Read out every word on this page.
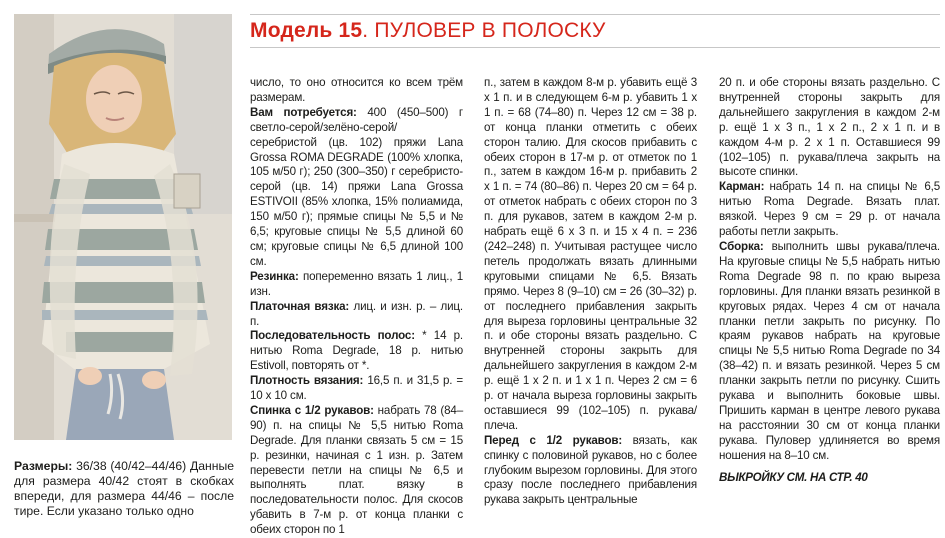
Размеры: 36/38 (40/42–44/46) Данные для размера 40/42 стоят в скобках впереди, для размера 44/46 – после тире. Если указано только одно
Модель 15 . ПУЛОВЕР В ПОЛОСКУ

число, то оно относится ко всем трём размерам.

Вам потребуется: 400 (450–500) г светло-серой/зелёно-серой/серебристой (цв. 102) пряжи Lana Grossa ROMA DEGRADE (100% хлопка, 105 м/50 г); 250 (300–350) г серебристо-серой (цв. 14) пряжи Lana Grossa ESTIVOII (85% хлопка, 15% полиамида, 150 м/50 г); прямые спицы № 5,5 и № 6,5; круговые спицы № 5,5 длиной 60 см; круговые спицы № 6,5 длиной 100 см.

Резинка: попеременно вязать 1 лиц., 1 изн.

Платочная вязка: лиц. и изн. р. – лиц. п.

Последовательность полос: * 14 р. нитью Roma Degrade, 18 р. нитью Estivoll, повторять от *.

Плотность вязания: 16,5 п. и 31,5 р. = 10 х 10 см.

Спинка с 1/2 рукавов: набрать 78 (84–90) п. на спицы № 5,5 нитью Roma Degrade. Для планки связать 5 см = 15 р. резинки, начиная с 1 изн. р. Затем перевести петли на спицы № 6,5 и выполнять плат. вязку в последовательности полос. Для скосов убавить в 7-м р. от конца планки с обеих сторон по 1

п., затем в каждом 8-м р. убавить ещё 3 х 1 п. и в следующем 6-м р. убавить 1 х 1 п. = 68 (74–80) п. Через 12 см = 38 р. от конца планки отметить с обеих сторон талию. Для скосов прибавить с обеих сторон в 17-м р. от отметок по 1 п., затем в каждом 16-м р. прибавить 2 х 1 п. = 74 (80–86) п. Через 20 см = 64 р. от отметок набрать с обеих сторон по 3 п. для рукавов, затем в каждом 2-м р. набрать ещё 6 х 3 п. и 15 х 4 п. = 236 (242–248) п. Учитывая растущее число петель продолжать вязать длинными круговыми спицами № 6,5. Вязать прямо. Через 8 (9–10) см = 26 (30–32) р. от последнего прибавления закрыть для выреза горловины центральные 32 п. и обе стороны вязать раздельно. С внутренней стороны закрыть для дальнейшего закругления в каждом 2-м р. ещё 1 х 2 п. и 1 х 1 п. Через 2 см = 6 р. от начала выреза горловины закрыть оставшиеся 99 (102–105) п. рукава/плеча.

Перед с 1/2 рукавов: вязать, как спинку с половиной рукавов, но с более глубоким вырезом горловины. Для этого сразу после последнего прибавления рукава закрыть центральные

20 п. и обе стороны вязать раздельно. С внутренней стороны закрыть для дальнейшего закругления в каждом 2-м р. ещё 1 х 3 п., 1 х 2 п., 2 х 1 п. и в каждом 4-м р. 2 х 1 п. Оставшиеся 99 (102–105) п. рукава/плеча закрыть на высоте спинки.

Карман: набрать 14 п. на спицы № 6,5 нитью Roma Degrade. Вязать плат. вязкой. Через 9 см = 29 р. от начала работы петли закрыть.

Сборка: выполнить швы рукава/плеча. На круговые спицы № 5,5 набрать нитью Roma Degrade 98 п. по краю выреза горловины. Для планки вязать резинкой в круговых рядах. Через 4 см от начала планки петли закрыть по рисунку. По краям рукавов набрать на круговые спицы № 5,5 нитью Roma Degrade по 34 (38–42) п. и вязать резинкой. Через 5 см планки закрыть петли по рисунку. Сшить рукава и выполнить боковые швы. Пришить карман в центре левого рукава на расстоянии 30 см от конца планки рукава. Пуловер удлиняется во время ношения на 8–10 см.

ВЫКРОЙКУ СМ. НА СТР. 40
